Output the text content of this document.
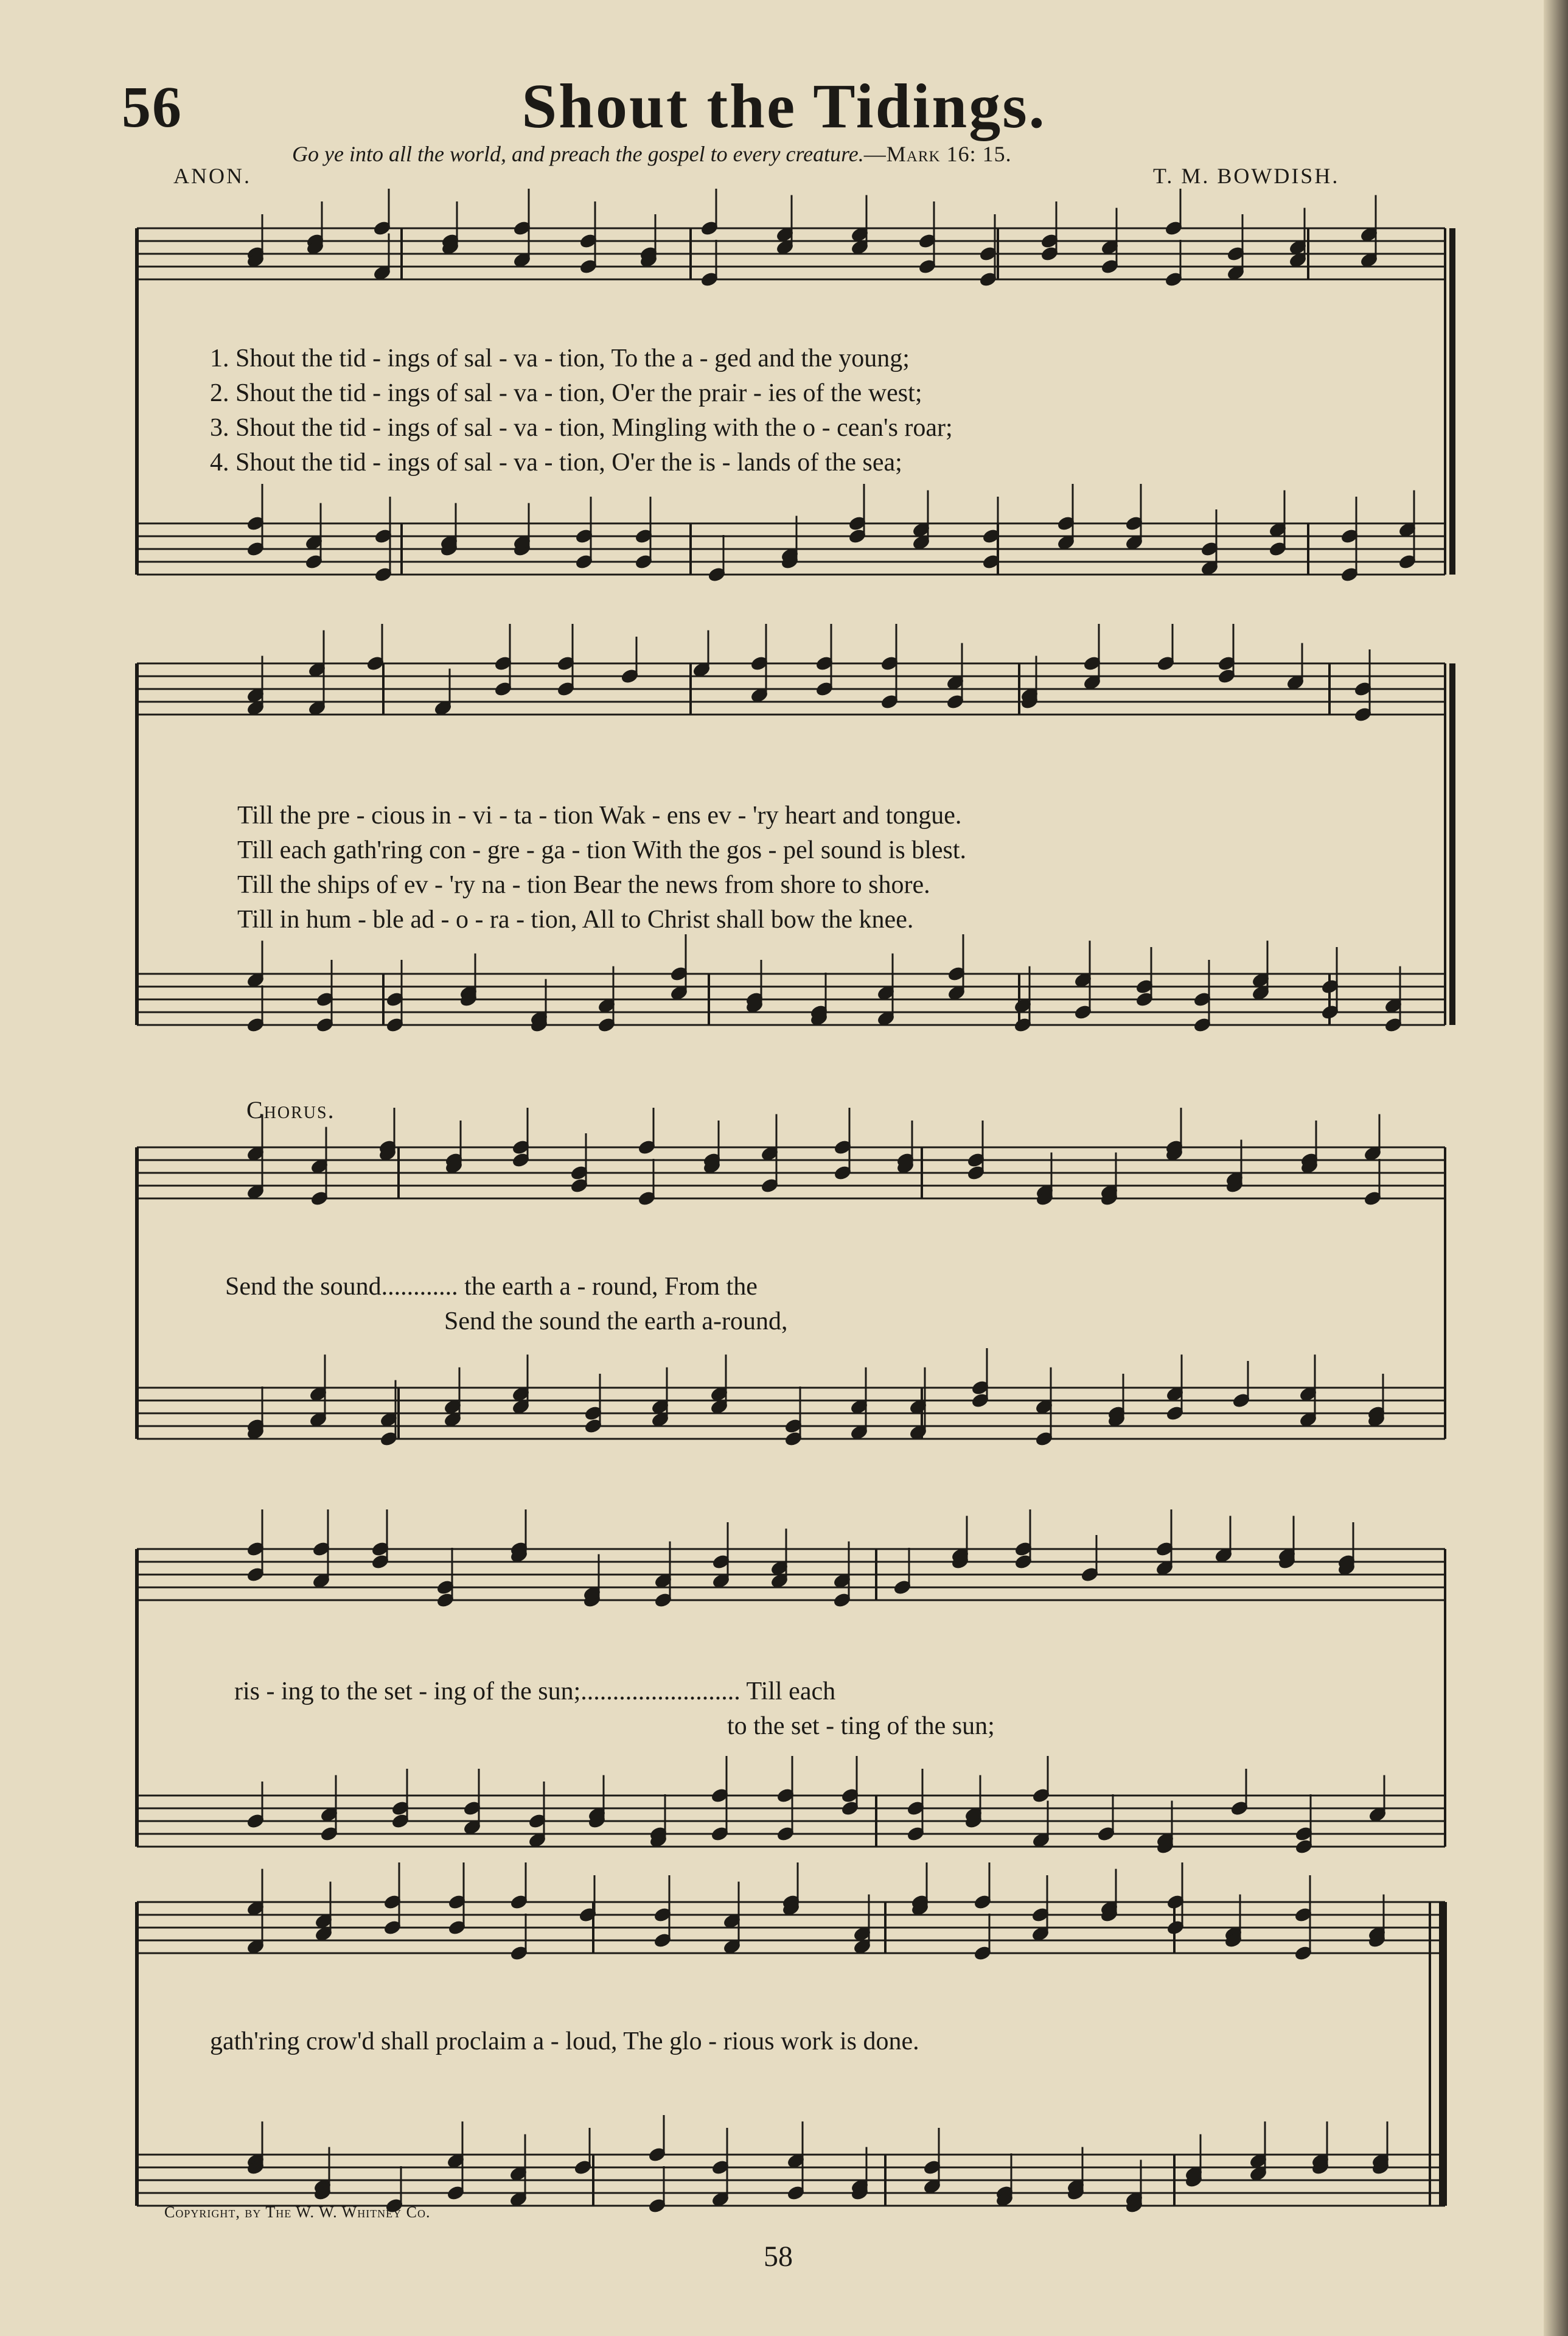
56	Shout the Tidings.
Go ye into all the world, and preach the gospel to every creature.—Mark 16: 15.
ANON.	T. M. BOWDISH.
Chorus.
1. Shout the tid - ings of sal - va - tion, To the a - ged and the young;
2. Shout the tid - ings of sal - va - tion, O'er the prair - ies of the west;
3. Shout the tid - ings of sal - va - tion, Mingling with the o - cean's roar;
4. Shout the tid - ings of sal - va - tion, O'er the is - lands of the sea;
Till the pre - cious in - vi - ta - tion Wak - ens ev - 'ry heart and tongue.
Till each gath'ring con - gre - ga - tion With the gos - pel sound is blest.
Till the ships of ev - 'ry na - tion Bear the news from shore to shore.
Till in hum - ble ad - o - ra - tion, All to Christ shall bow the knee.
Send the sound............ the earth a - round, From the
Send the sound the earth a-round,
ris - ing to the set - ing of the sun;......................... Till each
to the set - ting of the sun;
gath'ring crow'd shall proclaim a - loud, The glo - rious work is done.
Copyright, by The W. W. Whitney Co.
58
